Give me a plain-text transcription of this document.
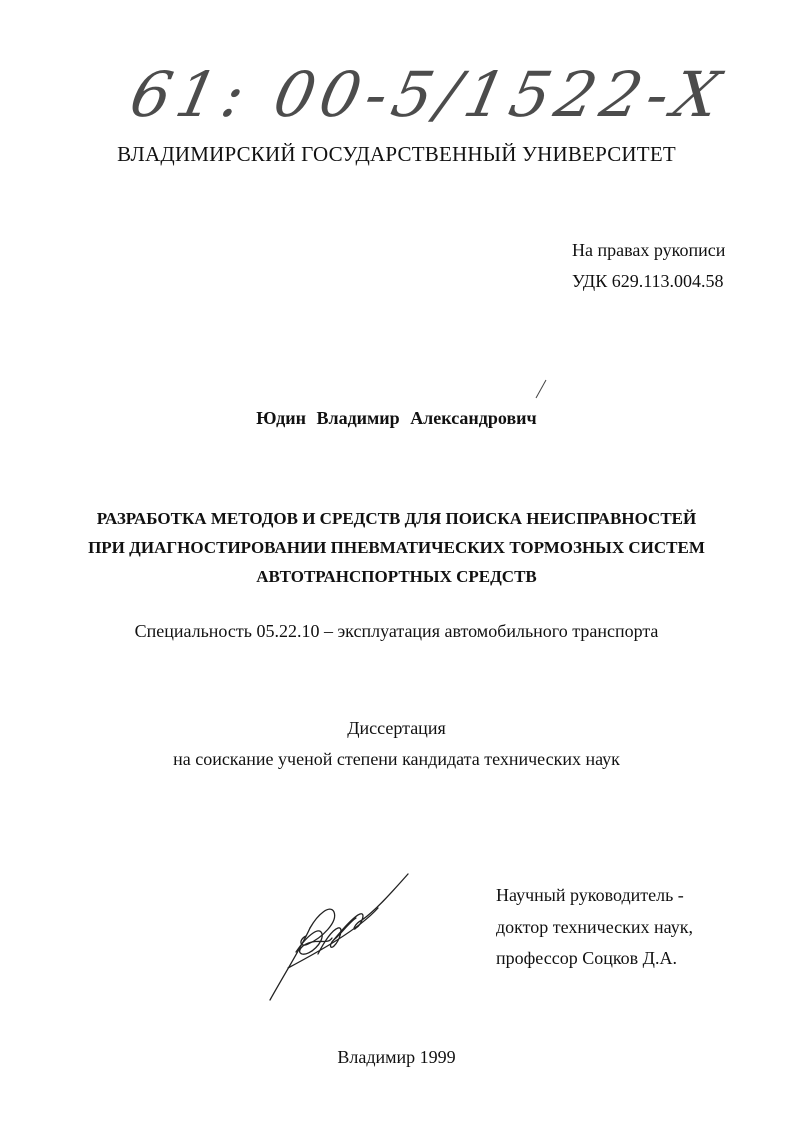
61: 00-5/1522-Х
ВЛАДИМИРСКИЙ ГОСУДАРСТВЕННЫЙ УНИВЕРСИТЕТ
На правах рукописи
УДК 629.113.004.58
Юдин Владимир Александрович
РАЗРАБОТКА МЕТОДОВ И СРЕДСТВ ДЛЯ ПОИСКА НЕИСПРАВНОСТЕЙ
ПРИ ДИАГНОСТИРОВАНИИ ПНЕВМАТИЧЕСКИХ ТОРМОЗНЫХ СИСТЕМ
АВТОТРАНСПОРТНЫХ СРЕДСТВ
Специальность 05.22.10 – эксплуатация автомобильного транспорта
Диссертация
на соискание ученой степени кандидата технических наук
Научный руководитель -
доктор технических наук,
профессор Соцков Д.А.
Владимир 1999
